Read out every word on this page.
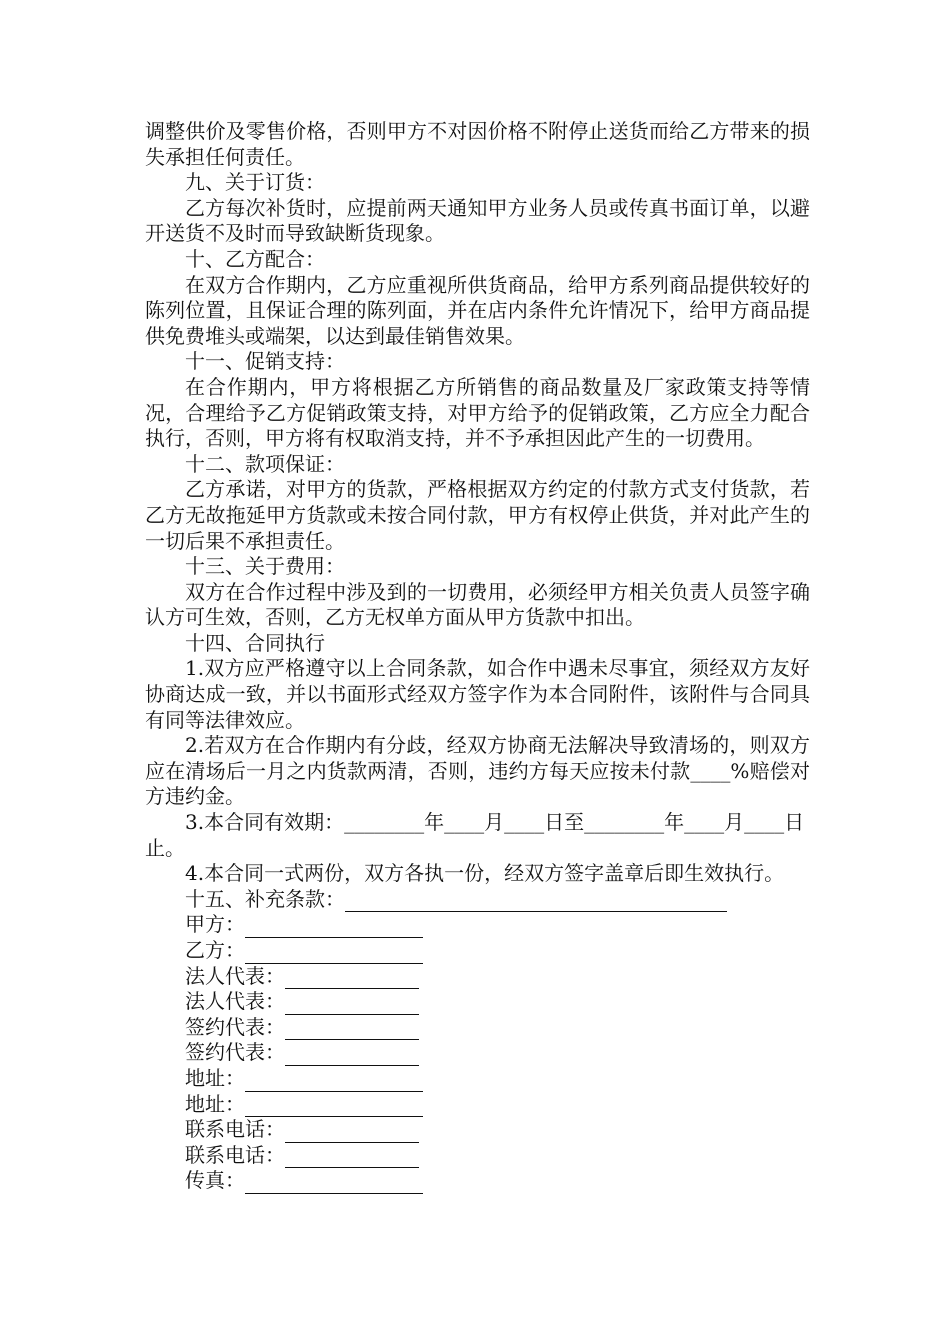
调整供价及零售价格，否则甲方不对因价格不附停止送货而给乙方带来的损失承担任何责任。

九、关于订货：

乙方每次补货时，应提前两天通知甲方业务人员或传真书面订单，以避开送货不及时而导致缺断货现象。

十、乙方配合：

在双方合作期内，乙方应重视所供货商品，给甲方系列商品提供较好的陈列位置，且保证合理的陈列面，并在店内条件允许情况下，给甲方商品提供免费堆头或端架，以达到最佳销售效果。

十一、促销支持：

在合作期内，甲方将根据乙方所销售的商品数量及厂家政策支持等情况，合理给予乙方促销政策支持，对甲方给予的促销政策，乙方应全力配合执行，否则，甲方将有权取消支持，并不予承担因此产生的一切费用。

十二、款项保证：

乙方承诺，对甲方的货款，严格根据双方约定的付款方式支付货款，若乙方无故拖延甲方货款或未按合同付款，甲方有权停止供货，并对此产生的一切后果不承担责任。

十三、关于费用：

双方在合作过程中涉及到的一切费用，必须经甲方相关负责人员签字确认方可生效，否则，乙方无权单方面从甲方货款中扣出。

十四、合同执行

1.双方应严格遵守以上合同条款，如合作中遇未尽事宜，须经双方友好协商达成一致，并以书面形式经双方签字作为本合同附件，该附件与合同具有同等法律效应。

2.若双方在合作期内有分歧，经双方协商无法解决导致清场的，则双方应在清场后一月之内货款两清，否则，违约方每天应按未付款____%赔偿对方违约金。

3.本合同有效期：________年____月____日至________年____月____日止。

4.本合同一式两份，双方各执一份，经双方签字盖章后即生效执行。

十五、补充条款：
甲方：
乙方：
法人代表：
法人代表：
签约代表：
签约代表：
地址：
地址：
联系电话：
联系电话：
传真：
